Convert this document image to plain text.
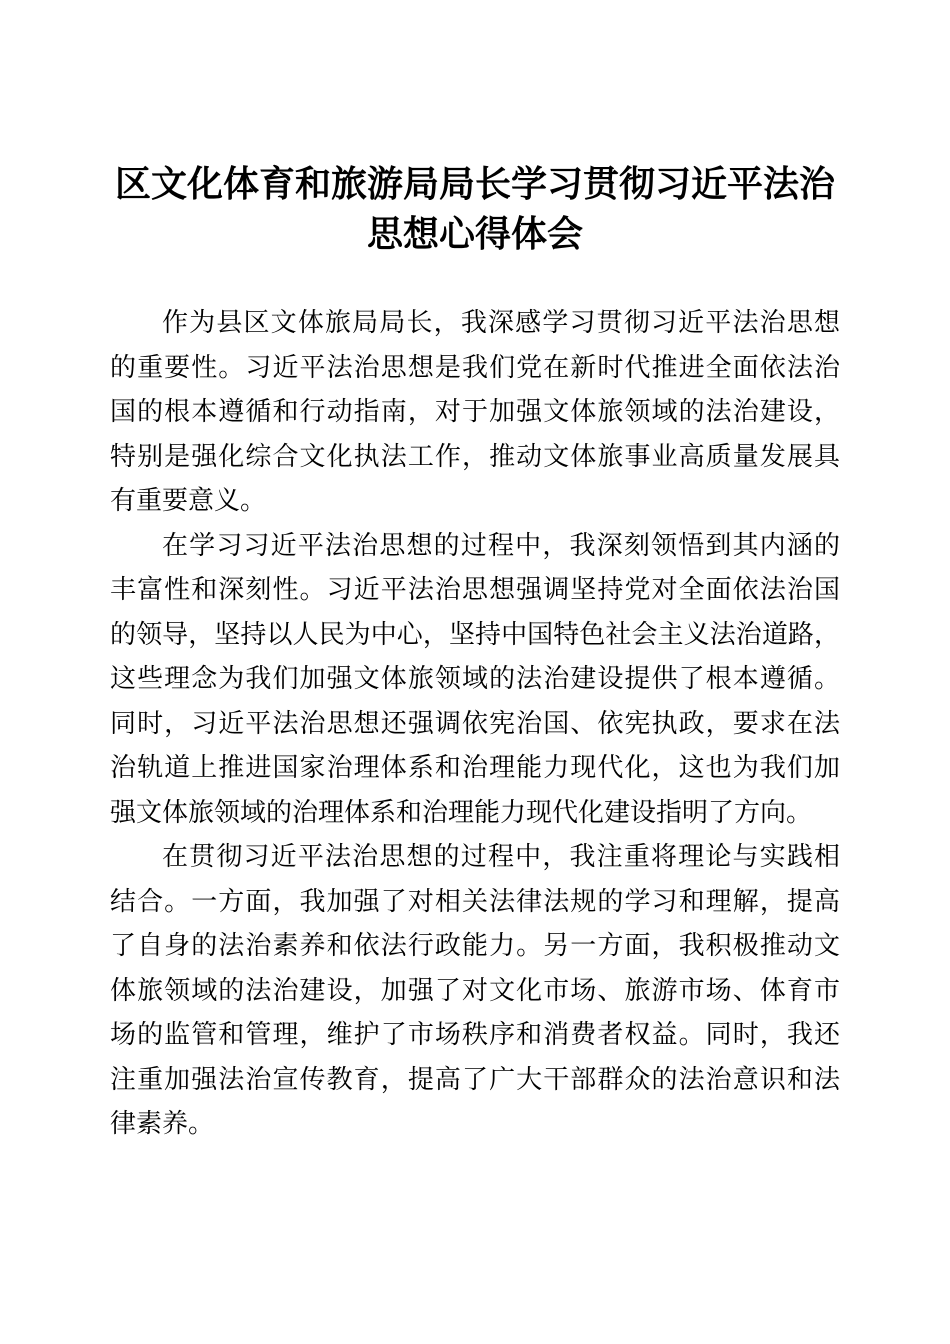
区文化体育和旅游局局长学习贯彻习近平法治
思想心得体会
作为县区文体旅局局长，我深感学习贯彻习近平法治思想
的重要性。习近平法治思想是我们党在新时代推进全面依法治
国的根本遵循和行动指南，对于加强文体旅领域的法治建设，
特别是强化综合文化执法工作，推动文体旅事业高质量发展具
有重要意义。
在学习习近平法治思想的过程中，我深刻领悟到其内涵的
丰富性和深刻性。习近平法治思想强调坚持党对全面依法治国
的领导，坚持以人民为中心，坚持中国特色社会主义法治道路，
这些理念为我们加强文体旅领域的法治建设提供了根本遵循。
同时，习近平法治思想还强调依宪治国、依宪执政，要求在法
治轨道上推进国家治理体系和治理能力现代化，这也为我们加
强文体旅领域的治理体系和治理能力现代化建设指明了方向。
在贯彻习近平法治思想的过程中，我注重将理论与实践相
结合。一方面，我加强了对相关法律法规的学习和理解，提高
了自身的法治素养和依法行政能力。另一方面，我积极推动文
体旅领域的法治建设，加强了对文化市场、旅游市场、体育市
场的监管和管理，维护了市场秩序和消费者权益。同时，我还
注重加强法治宣传教育，提高了广大干部群众的法治意识和法
律素养。
